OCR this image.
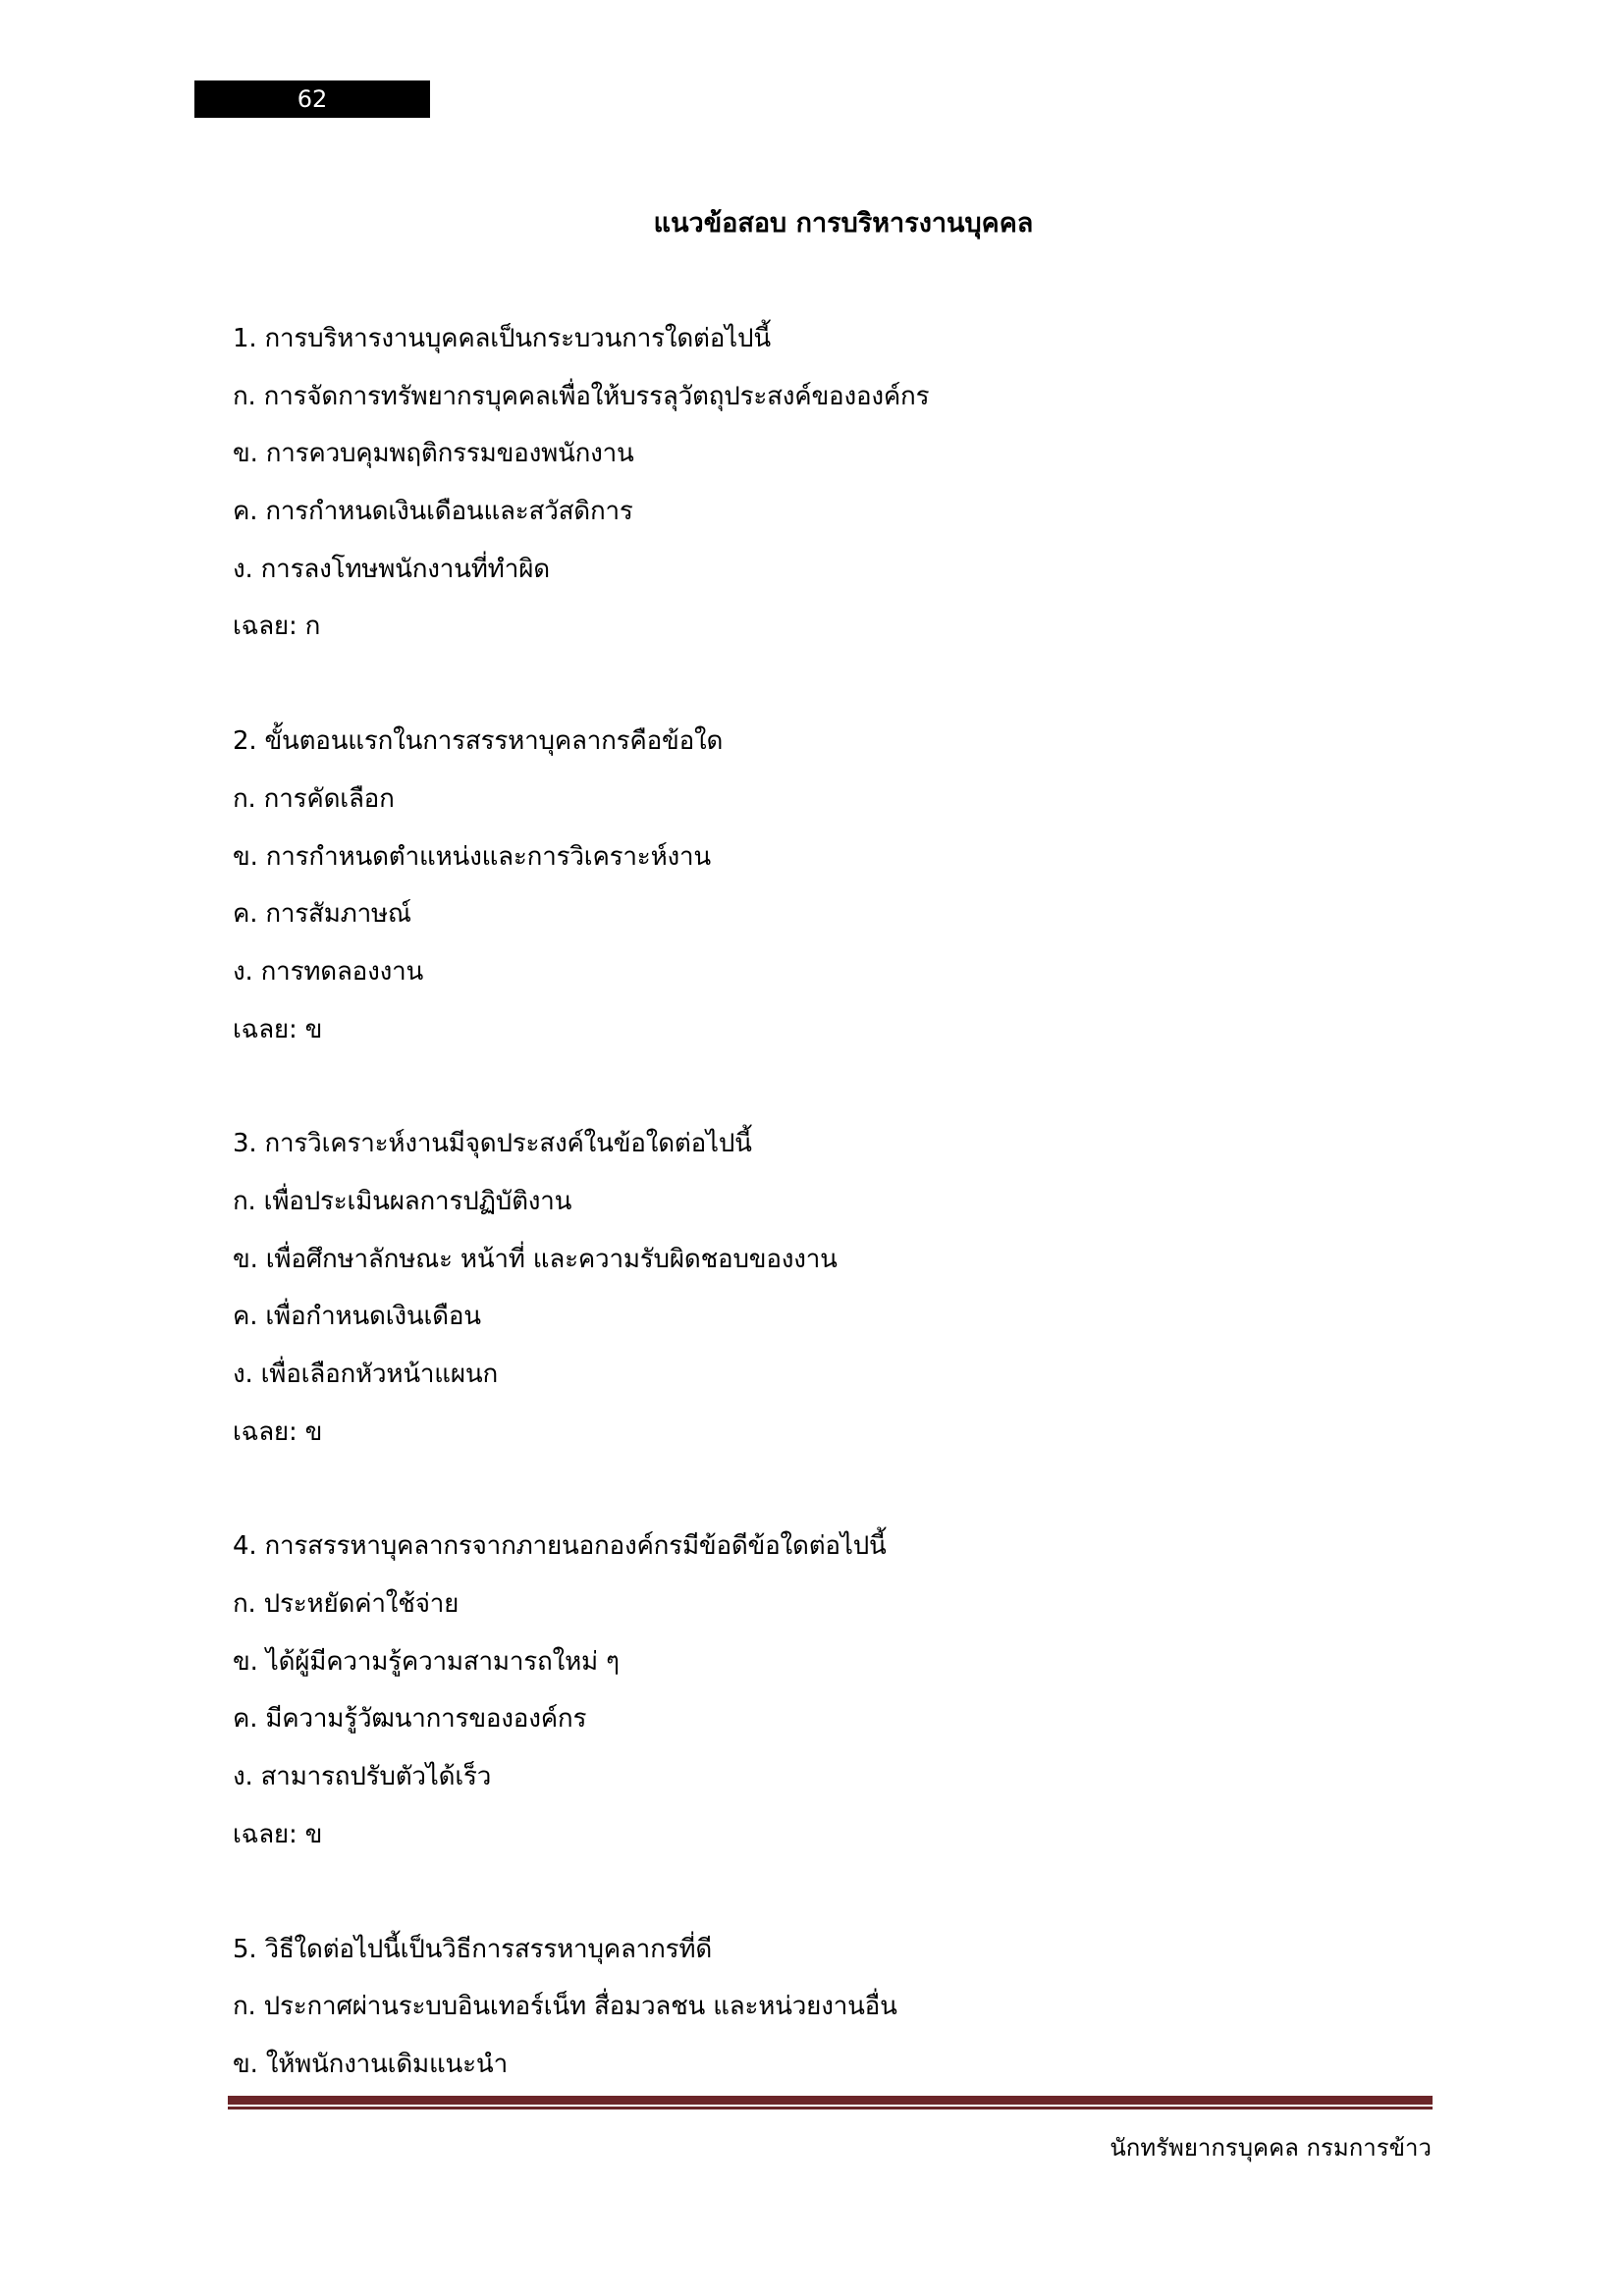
62
แนวข้อสอบ การบริหารงานบุคคล
1. การบริหารงานบุคคลเป็นกระบวนการใดต่อไปนี้
ก. การจัดการทรัพยากรบุคคลเพื่อให้บรรลุวัตถุประสงค์ขององค์กร
ข. การควบคุมพฤติกรรมของพนักงาน
ค. การกำหนดเงินเดือนและสวัสดิการ
ง. การลงโทษพนักงานที่ทำผิด
เฉลย: ก
2. ขั้นตอนแรกในการสรรหาบุคลากรคือข้อใด
ก. การคัดเลือก
ข. การกำหนดตำแหน่งและการวิเคราะห์งาน
ค. การสัมภาษณ์
ง. การทดลองงาน
เฉลย: ข
3. การวิเคราะห์งานมีจุดประสงค์ในข้อใดต่อไปนี้
ก. เพื่อประเมินผลการปฏิบัติงาน
ข. เพื่อศึกษาลักษณะ หน้าที่ และความรับผิดชอบของงาน
ค. เพื่อกำหนดเงินเดือน
ง. เพื่อเลือกหัวหน้าแผนก
เฉลย: ข
4. การสรรหาบุคลากรจากภายนอกองค์กรมีข้อดีข้อใดต่อไปนี้
ก. ประหยัดค่าใช้จ่าย
ข. ได้ผู้มีความรู้ความสามารถใหม่ ๆ
ค. มีความรู้วัฒนาการขององค์กร
ง. สามารถปรับตัวได้เร็ว
เฉลย: ข
5. วิธีใดต่อไปนี้เป็นวิธีการสรรหาบุคลากรที่ดี
ก. ประกาศผ่านระบบอินเทอร์เน็ท สื่อมวลชน และหน่วยงานอื่น
ข. ให้พนักงานเดิมแนะนำ
นักทรัพยากรบุคคล กรมการข้าว
